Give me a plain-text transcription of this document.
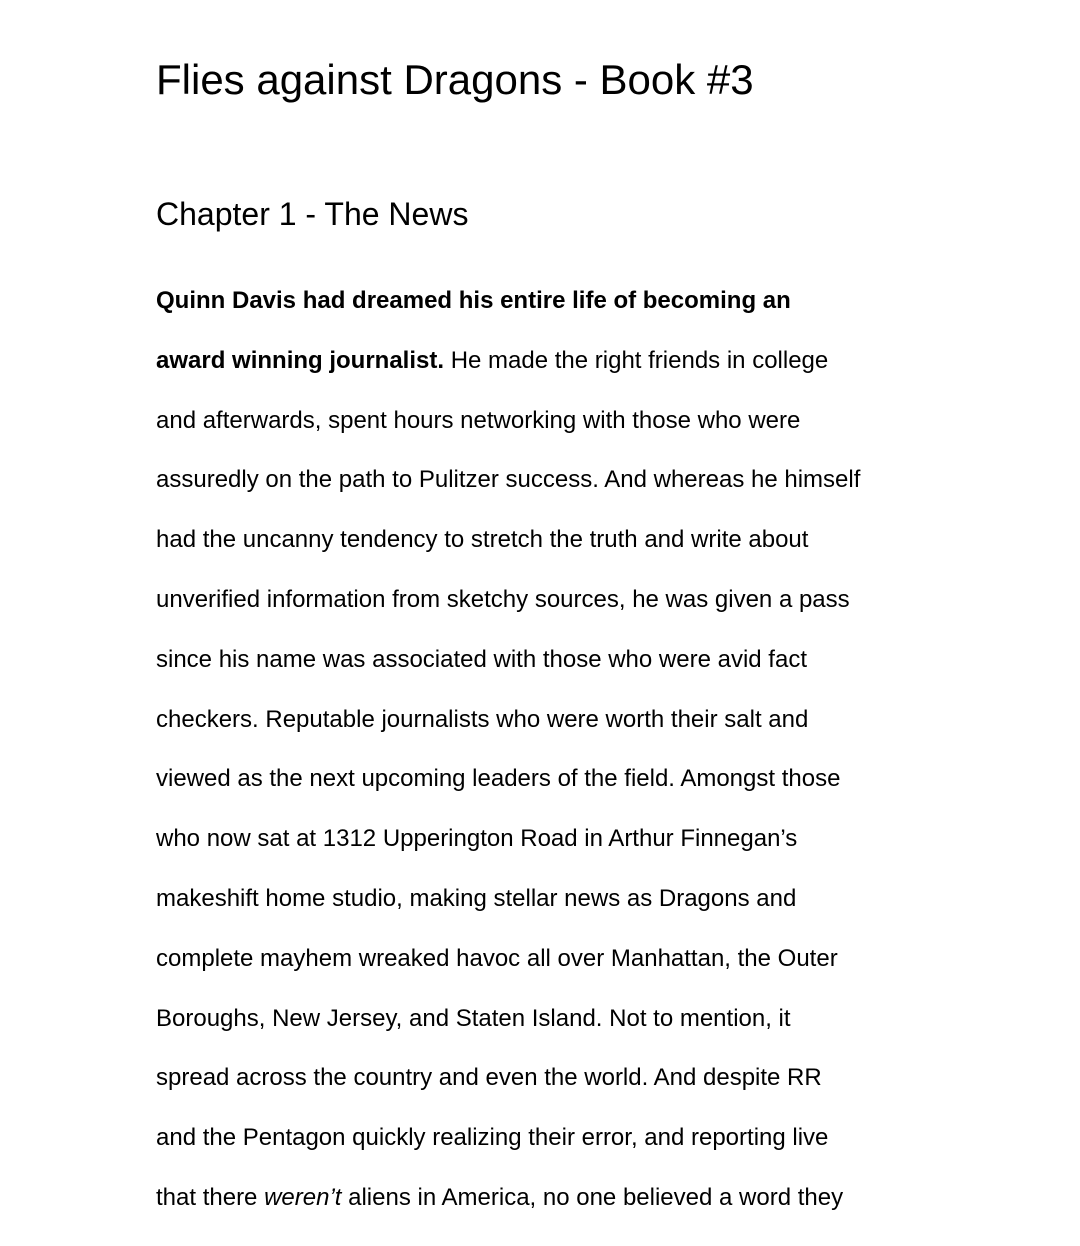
Flies against Dragons - Book #3
Chapter 1 - The News
Quinn Davis had dreamed his entire life of becoming an
award winning journalist. He made the right friends in college
and afterwards, spent hours networking with those who were
assuredly on the path to Pulitzer success. And whereas he himself
had the uncanny tendency to stretch the truth and write about
unverified information from sketchy sources, he was given a pass
since his name was associated with those who were avid fact
checkers. Reputable journalists who were worth their salt and
viewed as the next upcoming leaders of the field. Amongst those
who now sat at 1312 Upperington Road in Arthur Finnegan’s
makeshift home studio, making stellar news as Dragons and
complete mayhem wreaked havoc all over Manhattan, the Outer
Boroughs, New Jersey, and Staten Island. Not to mention, it
spread across the country and even the world. And despite RR
and the Pentagon quickly realizing their error, and reporting live
that there weren’t aliens in America, no one believed a word they
